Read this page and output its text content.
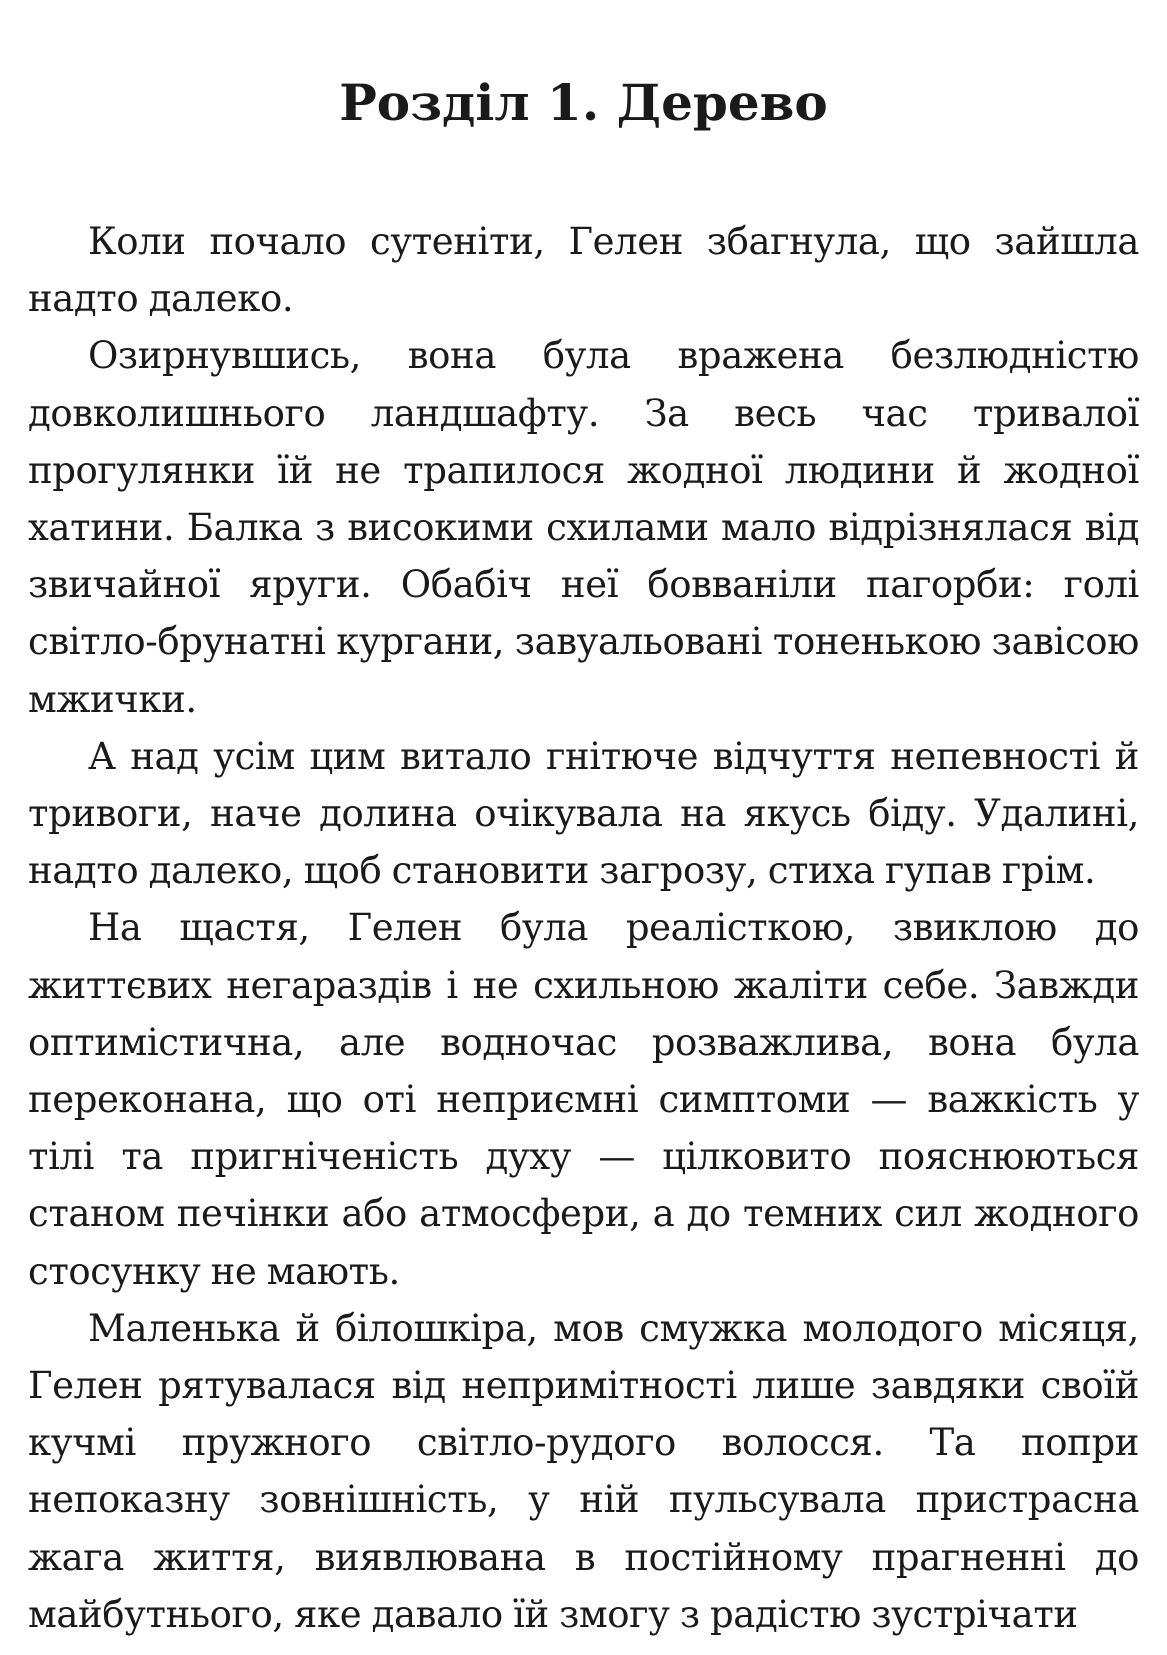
Розділ 1. Дерево

Коли почало сутеніти, Гелен збагнула, що зайшла надто далеко.

Озирнувшись, вона була вражена безлюдністю довколишнього ландшафту. За весь час тривалої прогулянки їй не трапилося жодної людини й жодної хатини. Балка з високими схилами мало відрізнялася від звичайної яруги. Обабіч неї бовваніли пагорби: голі світло-брунатні кургани, завуальовані тоненькою завісою мжички.

А над усім цим витало гнітюче відчуття непевності й тривоги, наче долина очікувала на якусь біду. Удалині, надто далеко, щоб становити загрозу, стиха гупав грім.

На щастя, Гелен була реалісткою, звиклою до життєвих негараздів і не схильною жаліти себе. Завжди оптимістична, але водночас розважлива, вона була переконана, що оті неприємні симптоми — важкість у тілі та пригніченість духу — цілковито пояснюються станом печінки або атмосфери, а до темних сил жодного стосунку не мають.

Маленька й білошкіра, мов смужка молодого місяця, Гелен рятувалася від непримітності лише завдяки своїй кучмі пружного світло-рудого волосся. Та попри непоказну зовнішність, у ній пульсувала пристрасна жага життя, виявлювана в постійному прагненні до майбутнього, яке давало їй змогу з радістю зустрічати
